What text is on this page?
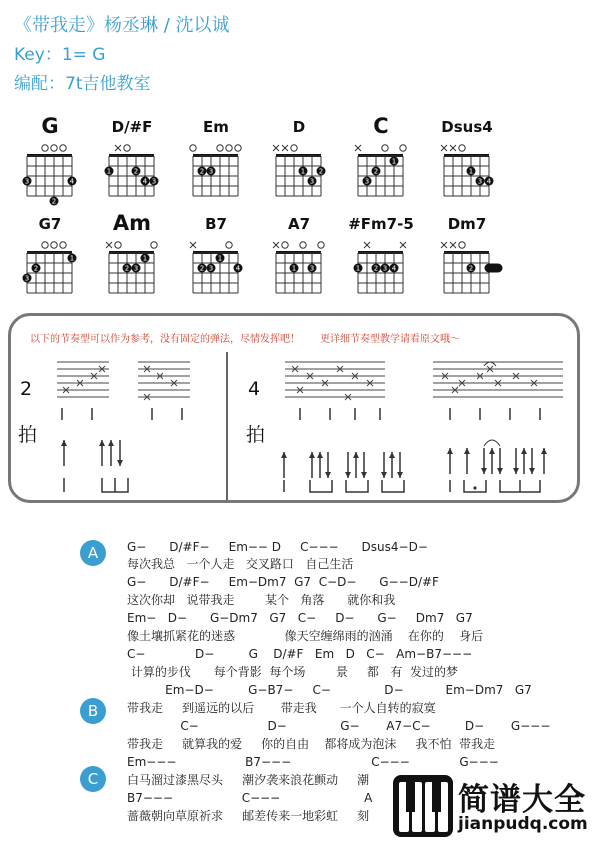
《带我走》杨丞琳 / 沈以诚
Key：1= G
编配：7t吉他教室
G
2
3	4
D/#F
1	2
3
4
Em
2 3
D
1 2
3
C
1
2
3
Dsus4
1
3 4
G7
1
2
3
Am
1
2 3
B7
1
2 3	4
A7
1 3
#Fm7-5
1 2 3 4
Dm7
2
以下的节奏型可以作为参考，没有固定的弹法，尽情发挥吧！ 更详细节奏型教学请看原文哦～
2
拍
4
拍
A
B
C
G−      D/#F−     Em−− D     C−−−      Dsus4−D−
每次我总   一个人走   交叉路口   自己生活
G−      D/#F−     Em−Dm7  G7  C−D−      G−−D/#F
这次你却   说带我走        某个   角落      就你和我
Em−   D−      G−Dm7   G7   C−     D−      G−     Dm7   G7
像土壤抓紧花的迷惑             像天空缠绵雨的汹涌    在你的    身后
C−             D−         G    D/#F   Em   D   C−   Am−B7−−−
计算的步伐      每个背影  每个场        景     都   有  发过的梦
Em−D−         G−B7−     C−              D−           Em−Dm7   G7
带我走     到遥远的以后       带走我      一个人自转的寂寞
C−                  D−              G−       A7−C−         D−       G−−−
带我走     就算我的爱     你的自由    都将成为泡沫     我不怕  带我走
Em−−−                  B7−−−                     C−−−             G−−−
白马溜过漆黑尽头     潮汐袭来浪花颤动     潮
B7−−−                  C−−−                      A
蔷薇朝向草原祈求     邮差传来一地彩虹     刻	简谱大全
jianpudq.com
